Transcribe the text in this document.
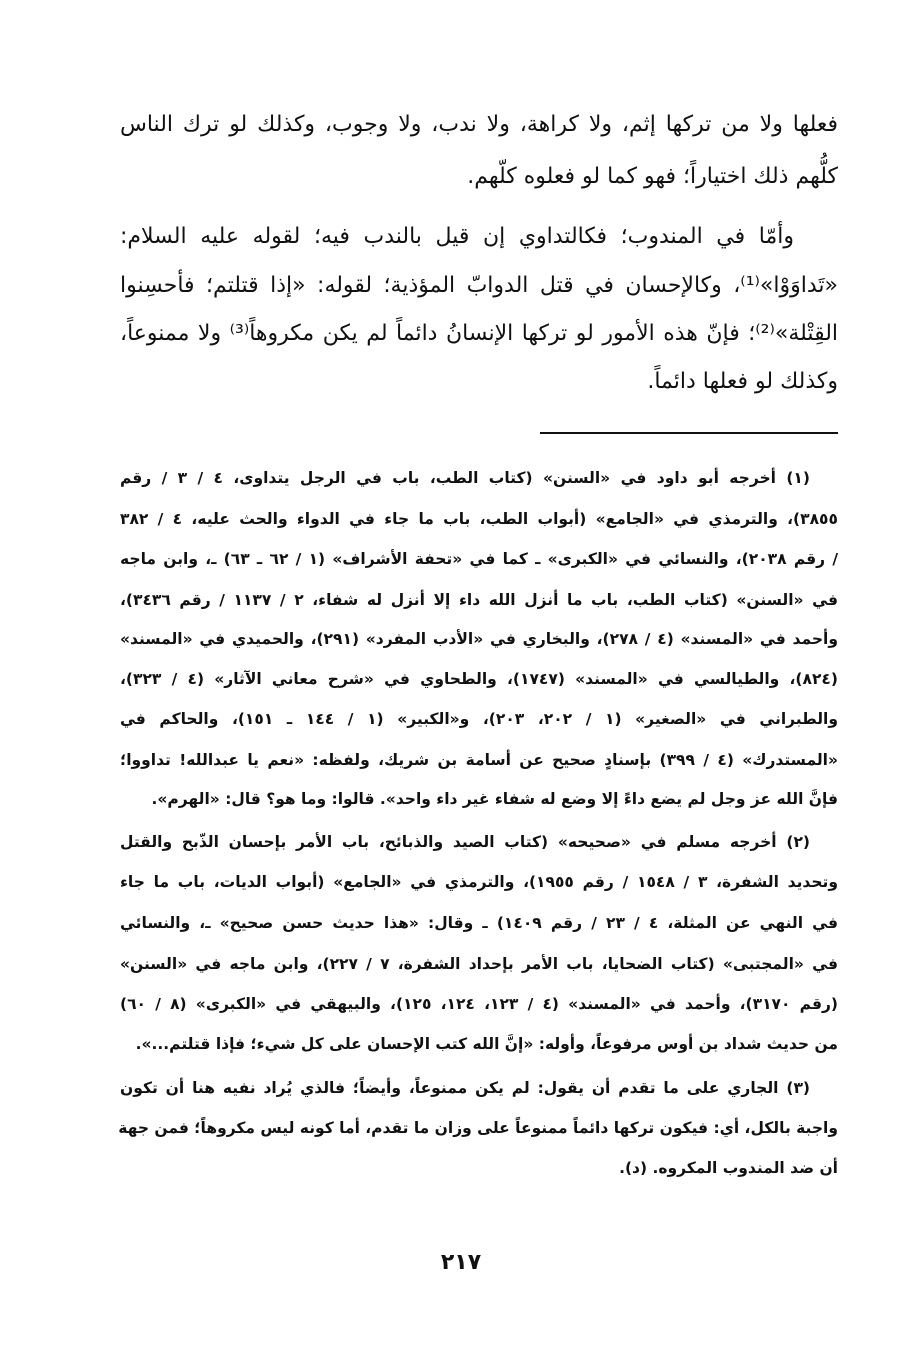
فعلها ولا من تركها إثم، ولا كراهة، ولا ندب، ولا وجوب، وكذلك لو ترك الناس
كلُّهم ذلك اختياراً؛ فهو كما لو فعلوه كلّهم.
وأمّا في المندوب؛ فكالتداوي إن قيل بالندب فيه؛ لقوله عليه السلام:
«تَداوَوْا»⁽¹⁾، وكالإحسان في قتل الدوابّ المؤذية؛ لقوله: «إذا قتلتم؛ فأحسِنوا
القِتْلة»⁽²⁾؛ فإنّ هذه الأمور لو تركها الإنسانُ دائماً لم يكن مكروهاً⁽³⁾ ولا ممنوعاً،
وكذلك لو فعلها دائماً.
(١) أخرجه أبو داود في «السنن» (كتاب الطب، باب في الرجل يتداوى، ٤ / ٣ / رقم
٣٨٥٥)، والترمذي في «الجامع» (أبواب الطب، باب ما جاء في الدواء والحث عليه، ٤ / ٣٨٢
/ رقم ٢٠٣٨)، والنسائي في «الكبرى» ـ كما في «تحفة الأشراف» (١ / ٦٢ ـ ٦٣) ـ، وابن ماجه
في «السنن» (كتاب الطب، باب ما أنزل الله داء إلا أنزل له شفاء، ٢ / ١١٣٧ / رقم ٣٤٣٦)،
وأحمد في «المسند» (٤ / ٢٧٨)، والبخاري في «الأدب المفرد» (٢٩١)، والحميدي في «المسند»
(٨٢٤)، والطيالسي في «المسند» (١٧٤٧)، والطحاوي في «شرح معاني الآثار» (٤ / ٣٢٣)،
والطبراني في «الصغير» (١ / ٢٠٢، ٢٠٣)، و«الكبير» (١ / ١٤٤ ـ ١٥١)، والحاكم في
«المستدرك» (٤ / ٣٩٩) بإسنادٍ صحيح عن أسامة بن شريك، ولفظه: «نعم يا عبدالله! تداووا؛
فإنَّ الله عز وجل لم يضع داءً إلا وضع له شفاء غير داء واحد». قالوا: وما هو؟ قال: «الهرم».
(٢) أخرجه مسلم في «صحيحه» (كتاب الصيد والذبائح، باب الأمر بإحسان الذّبح والقتل
وتحديد الشفرة، ٣ / ١٥٤٨ / رقم ١٩٥٥)، والترمذي في «الجامع» (أبواب الديات، باب ما جاء
في النهي عن المثلة، ٤ / ٢٣ / رقم ١٤٠٩) ـ وقال: «هذا حديث حسن صحيح» ـ، والنسائي
في «المجتبى» (كتاب الضحايا، باب الأمر بإحداد الشفرة، ٧ / ٢٢٧)، وابن ماجه في «السنن»
(رقم ٣١٧٠)، وأحمد في «المسند» (٤ / ١٢٣، ١٢٤، ١٢٥)، والبيهقي في «الكبرى» (٨ / ٦٠)
من حديث شداد بن أوس مرفوعاً، وأوله: «إنَّ الله كتب الإحسان على كل شيء؛ فإذا قتلتم...».
(٣) الجاري على ما تقدم أن يقول: لم يكن ممنوعاً، وأيضاً؛ فالذي يُراد نفيه هنا أن تكون
واجبة بالكل، أي: فيكون تركها دائماً ممنوعاً على وزان ما تقدم، أما كونه ليس مكروهاً؛ فمن جهة
أن ضد المندوب المكروه. (د).
٢١٧
